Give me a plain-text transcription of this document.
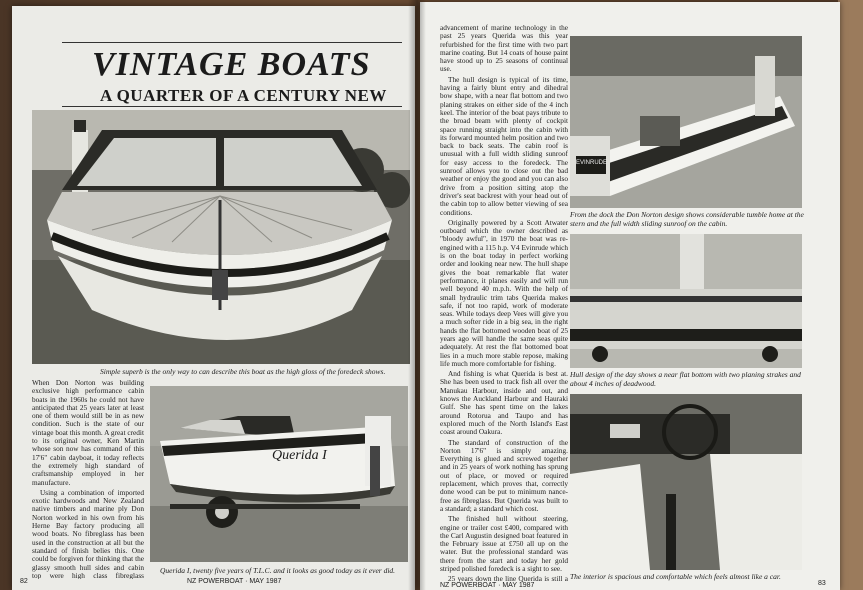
VINTAGE BOATS
A QUARTER OF A CENTURY NEW
Simple superb is the only way to can describe this boat as the high gloss of the foredeck shows.

When Don Norton was building exclusive high performance cabin boats in the 1960s he could not have anticipated that 25 years later at least one of them would still be in as new condition. Such is the state of our vintage boat this month. A great credit to its original owner, Ken Martin whose son now has command of this 17'6" cabin dayboat, it today reflects the extremely high standard of craftsmanship employed in her manufacture.

Using a combination of imported exotic hardwoods and New Zealand native timbers and marine ply Don Norton worked in his own from his Herne Bay factory producing all wood boats. No fibreglass has been used in the construction at all but the standard of finish belies this. One could be forgiven for thinking that the glassy smooth hull sides and cabin top were high class fibreglass

Querida I
Querida I, twenty five years of T.L.C. and it looks as good today as it ever did.
82	NZ POWERBOAT · MAY 1987

advancement of marine technology in the past 25 years Querida was this year refurbished for the first time with two part marine coating. But 14 coats of house paint have stood up to 25 seasons of continual use.

The hull design is typical of its time, having a fairly blunt entry and dihedral bow shape, with a near flat bottom and two planing strakes on either side of the 4 inch keel. The interior of the boat pays tribute to the broad beam with plenty of cockpit space running straight into the cabin with its forward mounted helm position and two back to back seats. The cabin roof is unusual with a full width sliding sunroof for easy access to the foredeck. The sunroof allows you to close out the bad weather or enjoy the good and you can also drive from a position sitting atop the driver's seat backrest with your head out of the cabin top to allow better viewing of sea conditions.

Originally powered by a Scott Atwater outboard which the owner described as "bloody awful", in 1970 the boat was re-engined with a 115 h.p. V4 Evinrude which is on the boat today in perfect working order and looking near new. The hull shape gives the boat remarkable flat water performance, it planes easily and will run well beyond 40 m.p.h. With the help of small hydraulic trim tabs Querida makes safe, if not too rapid, work of moderate seas. While todays deep Vees will give you a much softer ride in a big sea, in the right hands the flat bottomed wooden boat of 25 years ago will handle the same seas quite adequately. At rest the flat bottomed boat lies in a much more stable repose, making life much more comfortable for fishing.

And fishing is what Querida is best at. She has been used to track fish all over the Manukau Harbour, inside and out, and knows the Auckland Harbour and Hauraki Gulf. She has spent time on the lakes around Rotorua and Taupo and has explored much of the North Island's East coast around Oakura.

The standard of construction of the Norton 17'6" is simply amazing. Everything is glued and screwed together and in 25 years of work nothing has sprung out of place, or moved or required replacement, which proves that, correctly done wood can be put to minimum nance-free as fibreglass. But Querida was built to a standard; a standard which cost.

The finished hull without steering, engine or trailer cost £400, compared with the Carl Augustin designed boat featured in the February issue at £750 all up on the water. But the professional standard was there from the start and today her gold striped polished foredeck is a sight to see.

25 years down the line Querida is still a

EVINRUDE
From the dock the Don Norton design shows considerable tumble home at the stern and the full width sliding sunroof on the cabin.
Hull design of the day shows a near flat bottom with two planing strakes and about 4 inches of deadwood.
The interior is spacious and comfortable which feels almost like a car.
NZ POWERBOAT · MAY 1987	83
